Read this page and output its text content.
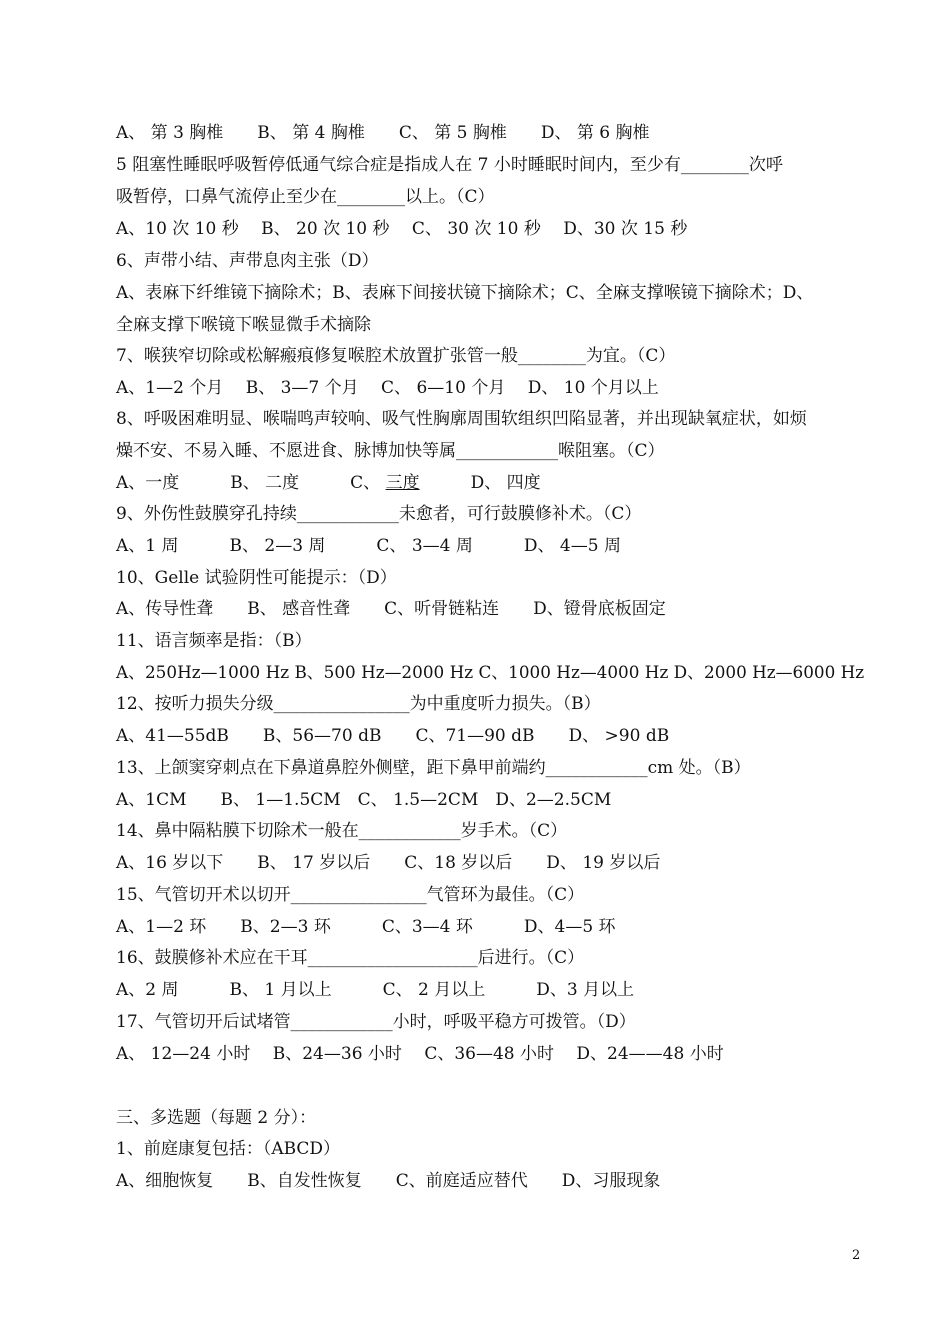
A、 第 3 胸椎　　B、 第 4 胸椎　　C、 第 5 胸椎　　D、 第 6 胸椎
5 阻塞性睡眠呼吸暂停低通气综合症是指成人在 7 小时睡眠时间内，至少有________次呼
吸暂停，口鼻气流停止至少在________以上。（C）
A、10 次 10 秒　 B、 20 次 10 秒　 C、 30 次 10 秒　 D、30 次 15 秒
6、声带小结、声带息肉主张（D）
A、表麻下纤维镜下摘除术；B、表麻下间接状镜下摘除术；C、全麻支撑喉镜下摘除术；D、
全麻支撑下喉镜下喉显微手术摘除
7、喉狭窄切除或松解瘢痕修复喉腔术放置扩张管一般________为宜。（C）
A、1—2 个月　 B、 3—7 个月　 C、 6—10 个月　 D、 10 个月以上
8、呼吸困难明显、喉喘鸣声较响、吸气性胸廓周围软组织凹陷显著，并出现缺氧症状，如烦
燥不安、不易入睡、不愿进食、脉博加快等属____________喉阻塞。（C）
A、一度　　　B、 二度　　　C、 三度　　　D、 四度
9、外伤性鼓膜穿孔持续____________未愈者，可行鼓膜修补术。（C）
A、1 周　　　B、 2—3 周　　　C、 3—4 周　　　D、 4—5 周
10、Gelle 试验阴性可能提示：（D）
A、传导性聋　　B、 感音性聋　　C、听骨链粘连　　D、镫骨底板固定
11、语言频率是指：（B）
A、250Hz—1000 Hz B、500 Hz—2000 Hz C、1000 Hz—4000 Hz D、2000 Hz—6000 Hz
12、按听力损失分级________________为中重度听力损失。（B）
A、41—55dB　　B、56—70 dB　　C、71—90 dB　　D、 >90 dB
13、上颌窦穿刺点在下鼻道鼻腔外侧壁，距下鼻甲前端约____________cm 处。（B）
A、1CM　　B、 1—1.5CM　C、 1.5—2CM　D、2—2.5CM
14、鼻中隔粘膜下切除术一般在____________岁手术。（C）
A、16 岁以下　　B、 17 岁以后　　C、18 岁以后　　D、 19 岁以后
15、气管切开术以切开________________气管环为最佳。（C）
A、1—2 环　　B、2—3 环　　　C、3—4 环　　　D、4—5 环
16、鼓膜修补术应在干耳____________________后进行。（C）
A、2 周　　　B、 1 月以上　　　C、 2 月以上　　　D、3 月以上
17、气管切开后试堵管____________小时，呼吸平稳方可拨管。（D）
A、 12—24 小时　 B、24—36 小时　 C、36—48 小时　 D、24——48 小时
三、多选题（每题 2 分）：
1、前庭康复包括：（ABCD）
A、细胞恢复　　B、自发性恢复　　C、前庭适应替代　　D、习服现象
2
